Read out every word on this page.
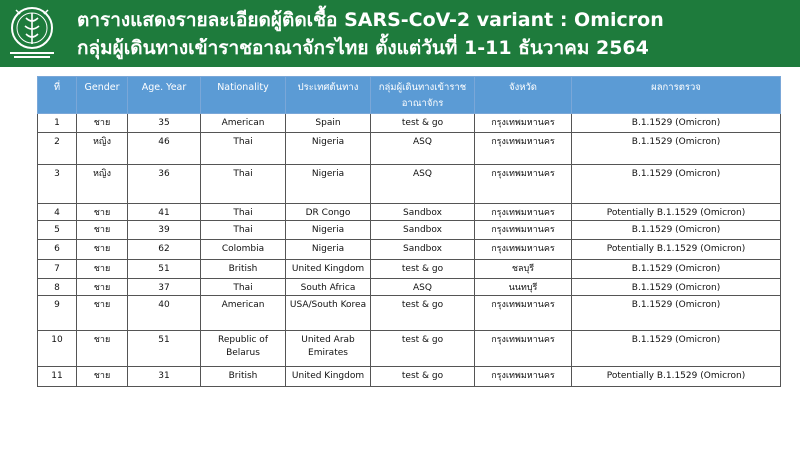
ตารางแสดงรายละเอียดผู้ติดเชื้อ SARS-CoV-2 variant : Omicron
กลุ่มผู้เดินทางเข้าราชอาณาจักรไทย ตั้งแต่วันที่ 1-11 ธันวาคม 2564
ที่	Gender	Age. Year	Nationality	ประเทศต้นทาง	กลุ่มผู้เดินทางเข้าราชอาณาจักร	จังหวัด	ผลการตรวจ
1	ชาย	35	American	Spain	test & go	กรุงเทพมหานคร	B.1.1529 (Omicron)
2	หญิง	46	Thai	Nigeria	ASQ	กรุงเทพมหานคร	B.1.1529 (Omicron)
3	หญิง	36	Thai	Nigeria	ASQ	กรุงเทพมหานคร	B.1.1529 (Omicron)
4	ชาย	41	Thai	DR Congo	Sandbox	กรุงเทพมหานคร	Potentially B.1.1529 (Omicron)
5	ชาย	39	Thai	Nigeria	Sandbox	กรุงเทพมหานคร	B.1.1529 (Omicron)
6	ชาย	62	Colombia	Nigeria	Sandbox	กรุงเทพมหานคร	Potentially B.1.1529 (Omicron)
7	ชาย	51	British	United Kingdom	test & go	ชลบุรี	B.1.1529 (Omicron)
8	ชาย	37	Thai	South Africa	ASQ	นนทบุรี	B.1.1529 (Omicron)
9	ชาย	40	American	USA/South Korea	test & go	กรุงเทพมหานคร	B.1.1529 (Omicron)
10	ชาย	51	Republic of Belarus	United Arab Emirates	test & go	กรุงเทพมหานคร	B.1.1529 (Omicron)
11	ชาย	31	British	United Kingdom	test & go	กรุงเทพมหานคร	Potentially B.1.1529 (Omicron)
